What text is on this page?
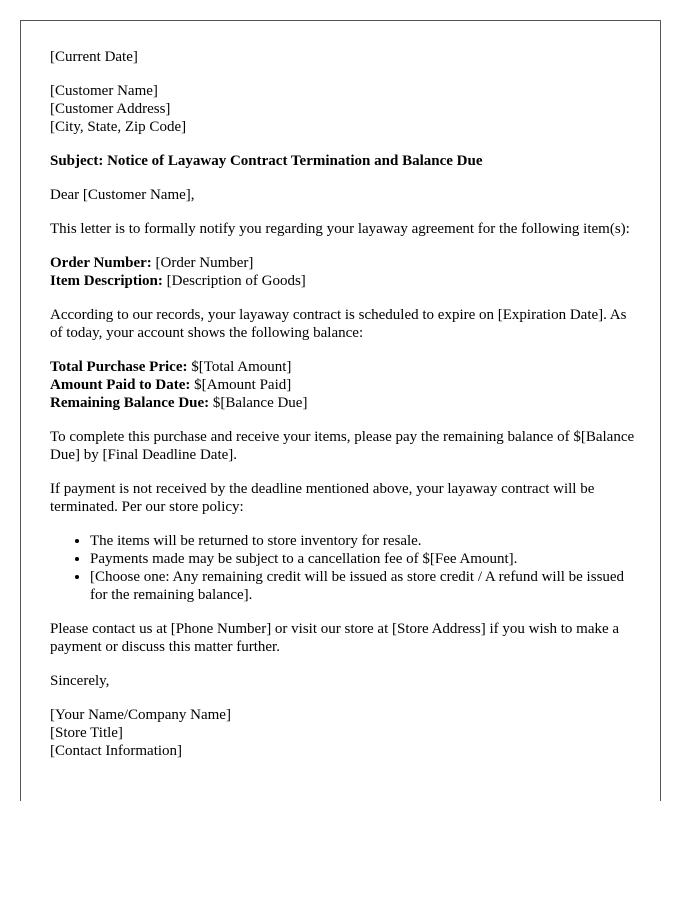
[Current Date]

[Customer Name]
[Customer Address]
[City, State, Zip Code]

Subject: Notice of Layaway Contract Termination and Balance Due

Dear [Customer Name],

This letter is to formally notify you regarding your layaway agreement for the following item(s):

Order Number: [Order Number]
Item Description: [Description of Goods]

According to our records, your layaway contract is scheduled to expire on [Expiration Date]. As of today, your account shows the following balance:

Total Purchase Price: $[Total Amount]
Amount Paid to Date: $[Amount Paid]
Remaining Balance Due: $[Balance Due]

To complete this purchase and receive your items, please pay the remaining balance of $[Balance Due] by [Final Deadline Date].

If payment is not received by the deadline mentioned above, your layaway contract will be terminated. Per our store policy:

• The items will be returned to store inventory for resale.
• Payments made may be subject to a cancellation fee of $[Fee Amount].
• [Choose one: Any remaining credit will be issued as store credit / A refund will be issued for the remaining balance].

Please contact us at [Phone Number] or visit our store at [Store Address] if you wish to make a payment or discuss this matter further.

Sincerely,

[Your Name/Company Name]
[Store Title]
[Contact Information]
